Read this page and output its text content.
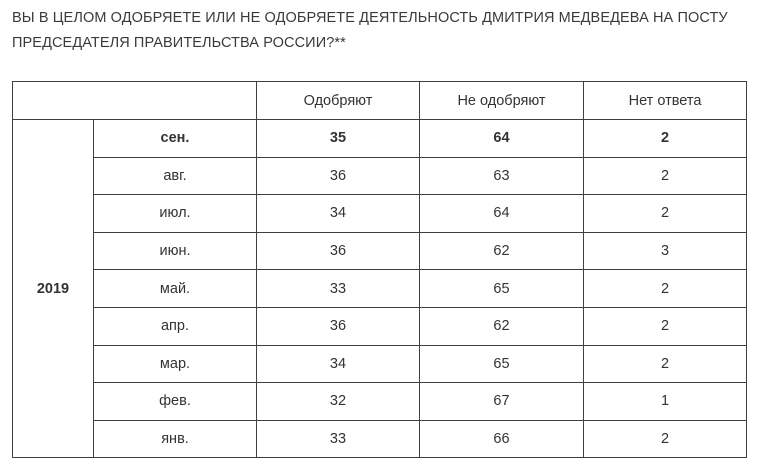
ВЫ В ЦЕЛОМ ОДОБРЯЕТЕ ИЛИ НЕ ОДОБРЯЕТЕ ДЕЯТЕЛЬНОСТЬ ДМИТРИЯ МЕДВЕДЕВА НА ПОСТУ ПРЕДСЕДАТЕЛЯ ПРАВИТЕЛЬСТВА РОССИИ?**
		Одобряют	Не одобряют	Нет ответа
2019	сен.	35	64	2
	авг.	36	63	2
	июл.	34	64	2
	июн.	36	62	3
	май.	33	65	2
	апр.	36	62	2
	мар.	34	65	2
	фев.	32	67	1
	янв.	33	66	2
